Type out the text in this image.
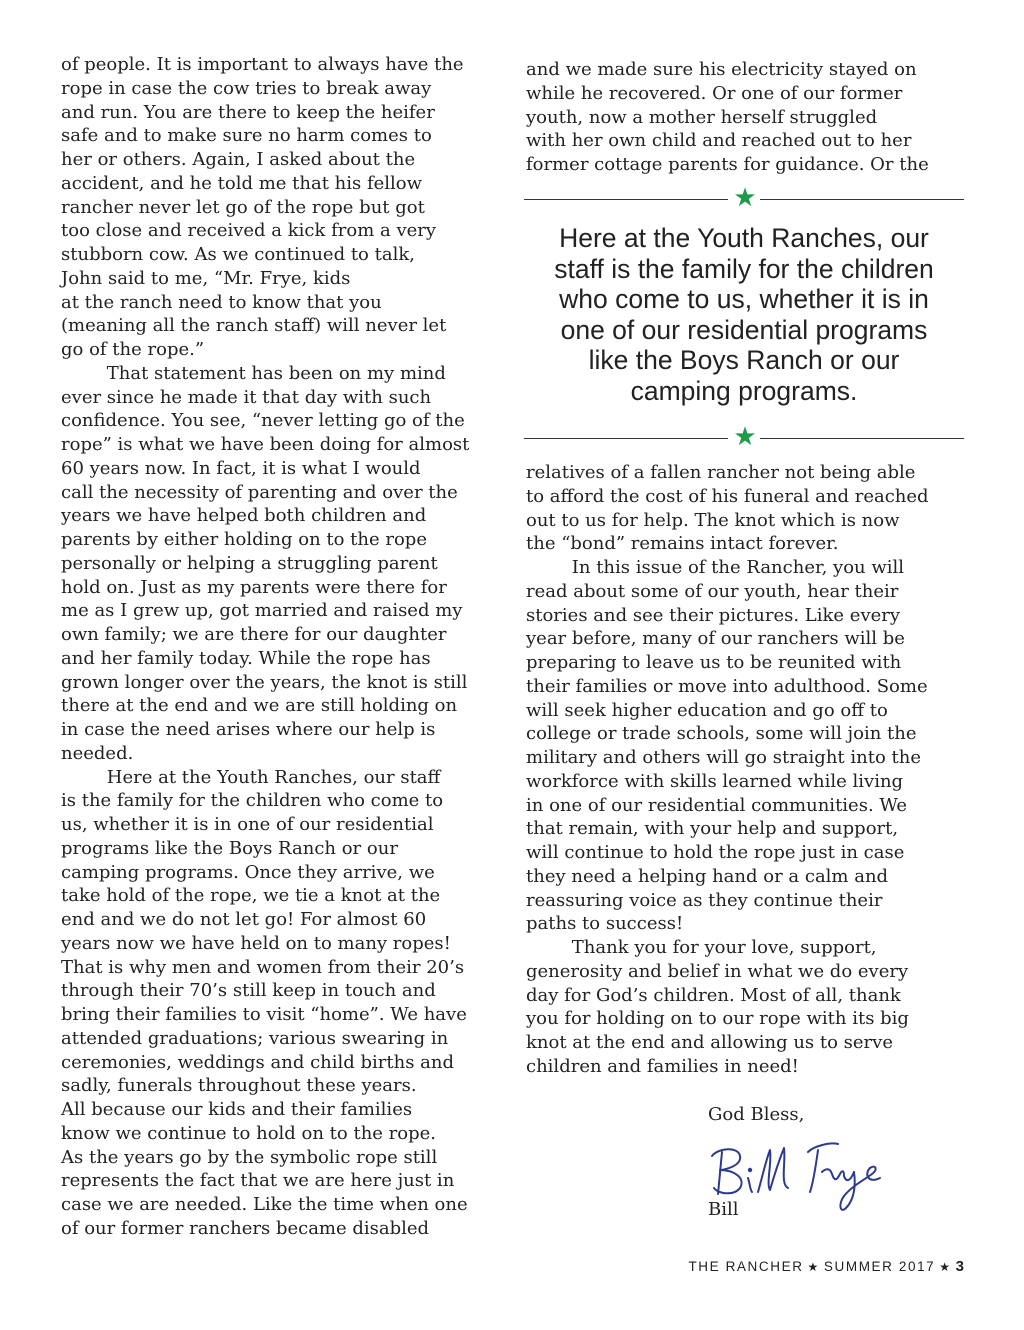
of people. It is important to always have the
rope in case the cow tries to break away
and run. You are there to keep the heifer
safe and to make sure no harm comes to
her or others. Again, I asked about the
accident, and he told me that his fellow
rancher never let go of the rope but got
too close and received a kick from a very
stubborn cow. As we continued to talk,
John said to me, “Mr. Frye, kids
at the ranch need to know that you
(meaning all the ranch staff) will never let
go of the rope.”
That statement has been on my mind
ever since he made it that day with such
confidence. You see, “never letting go of the
rope” is what we have been doing for almost
60 years now. In fact, it is what I would
call the necessity of parenting and over the
years we have helped both children and
parents by either holding on to the rope
personally or helping a struggling parent
hold on. Just as my parents were there for
me as I grew up, got married and raised my
own family; we are there for our daughter
and her family today. While the rope has
grown longer over the years, the knot is still
there at the end and we are still holding on
in case the need arises where our help is
needed.
Here at the Youth Ranches, our staff
is the family for the children who come to
us, whether it is in one of our residential
programs like the Boys Ranch or our
camping programs. Once they arrive, we
take hold of the rope, we tie a knot at the
end and we do not let go! For almost 60
years now we have held on to many ropes!
That is why men and women from their 20’s
through their 70’s still keep in touch and
bring their families to visit “home”. We have
attended graduations; various swearing in
ceremonies, weddings and child births and
sadly, funerals throughout these years.
All because our kids and their families
know we continue to hold on to the rope.
As the years go by the symbolic rope still
represents the fact that we are here just in
case we are needed. Like the time when one
of our former ranchers became disabled
and we made sure his electricity stayed on
while he recovered. Or one of our former
youth, now a mother herself struggled
with her own child and reached out to her
former cottage parents for guidance. Or the
★
Here at the Youth Ranches, our
staff is the family for the children
who come to us, whether it is in
one of our residential programs
like the Boys Ranch or our
camping programs.
★
relatives of a fallen rancher not being able
to afford the cost of his funeral and reached
out to us for help. The knot which is now
the “bond” remains intact forever.
In this issue of the Rancher, you will
read about some of our youth, hear their
stories and see their pictures. Like every
year before, many of our ranchers will be
preparing to leave us to be reunited with
their families or move into adulthood. Some
will seek higher education and go off to
college or trade schools, some will join the
military and others will go straight into the
workforce with skills learned while living
in one of our residential communities. We
that remain, with your help and support,
will continue to hold the rope just in case
they need a helping hand or a calm and
reassuring voice as they continue their
paths to success!
Thank you for your love, support,
generosity and belief in what we do every
day for God’s children. Most of all, thank
you for holding on to our rope with its big
knot at the end and allowing us to serve
children and families in need!
God Bless,
Bill
THE RANCHER ★ SUMMER 2017 ★ 3
